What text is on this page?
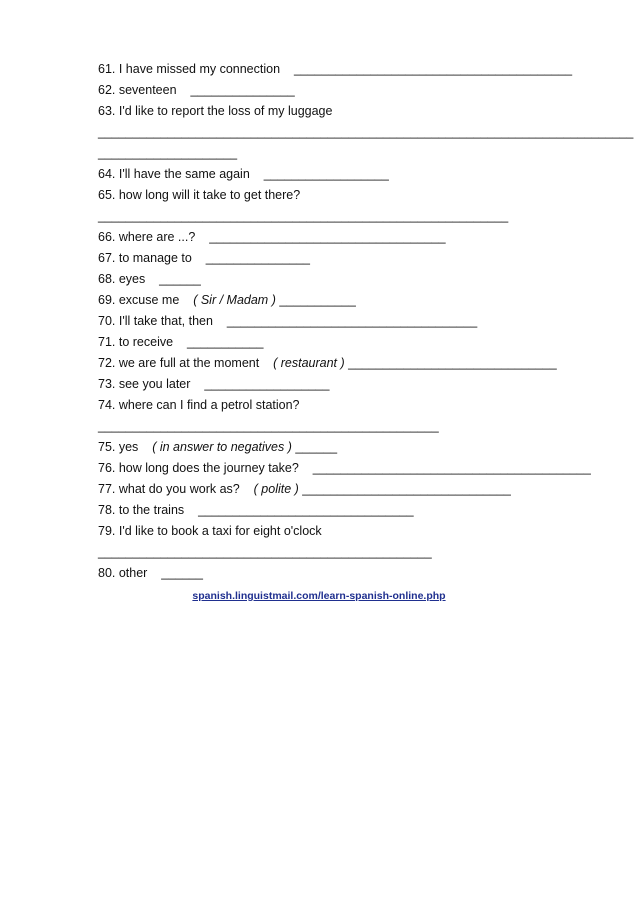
61. I have missed my connection ________________________________________
62. seventeen _______________
63. I'd like to report the loss of my luggage
_____________________________________________________________________________
____________________
64. I'll have the same again __________________
65. how long will it take to get there?
___________________________________________________________
66. where are ...? __________________________________
67. to manage to _______________
68. eyes ______
69. excuse me ( Sir / Madam ) ___________
70. I'll take that, then ____________________________________
71. to receive ___________
72. we are full at the moment ( restaurant ) ______________________________
73. see you later __________________
74. where can I find a petrol station?
_________________________________________________
75. yes ( in answer to negatives ) ______
76. how long does the journey take? ________________________________________
77. what do you work as? ( polite ) ______________________________
78. to the trains _______________________________
79. I'd like to book a taxi for eight o'clock
________________________________________________
80. other ______
spanish.linguistmail.com/learn-spanish-online.php
